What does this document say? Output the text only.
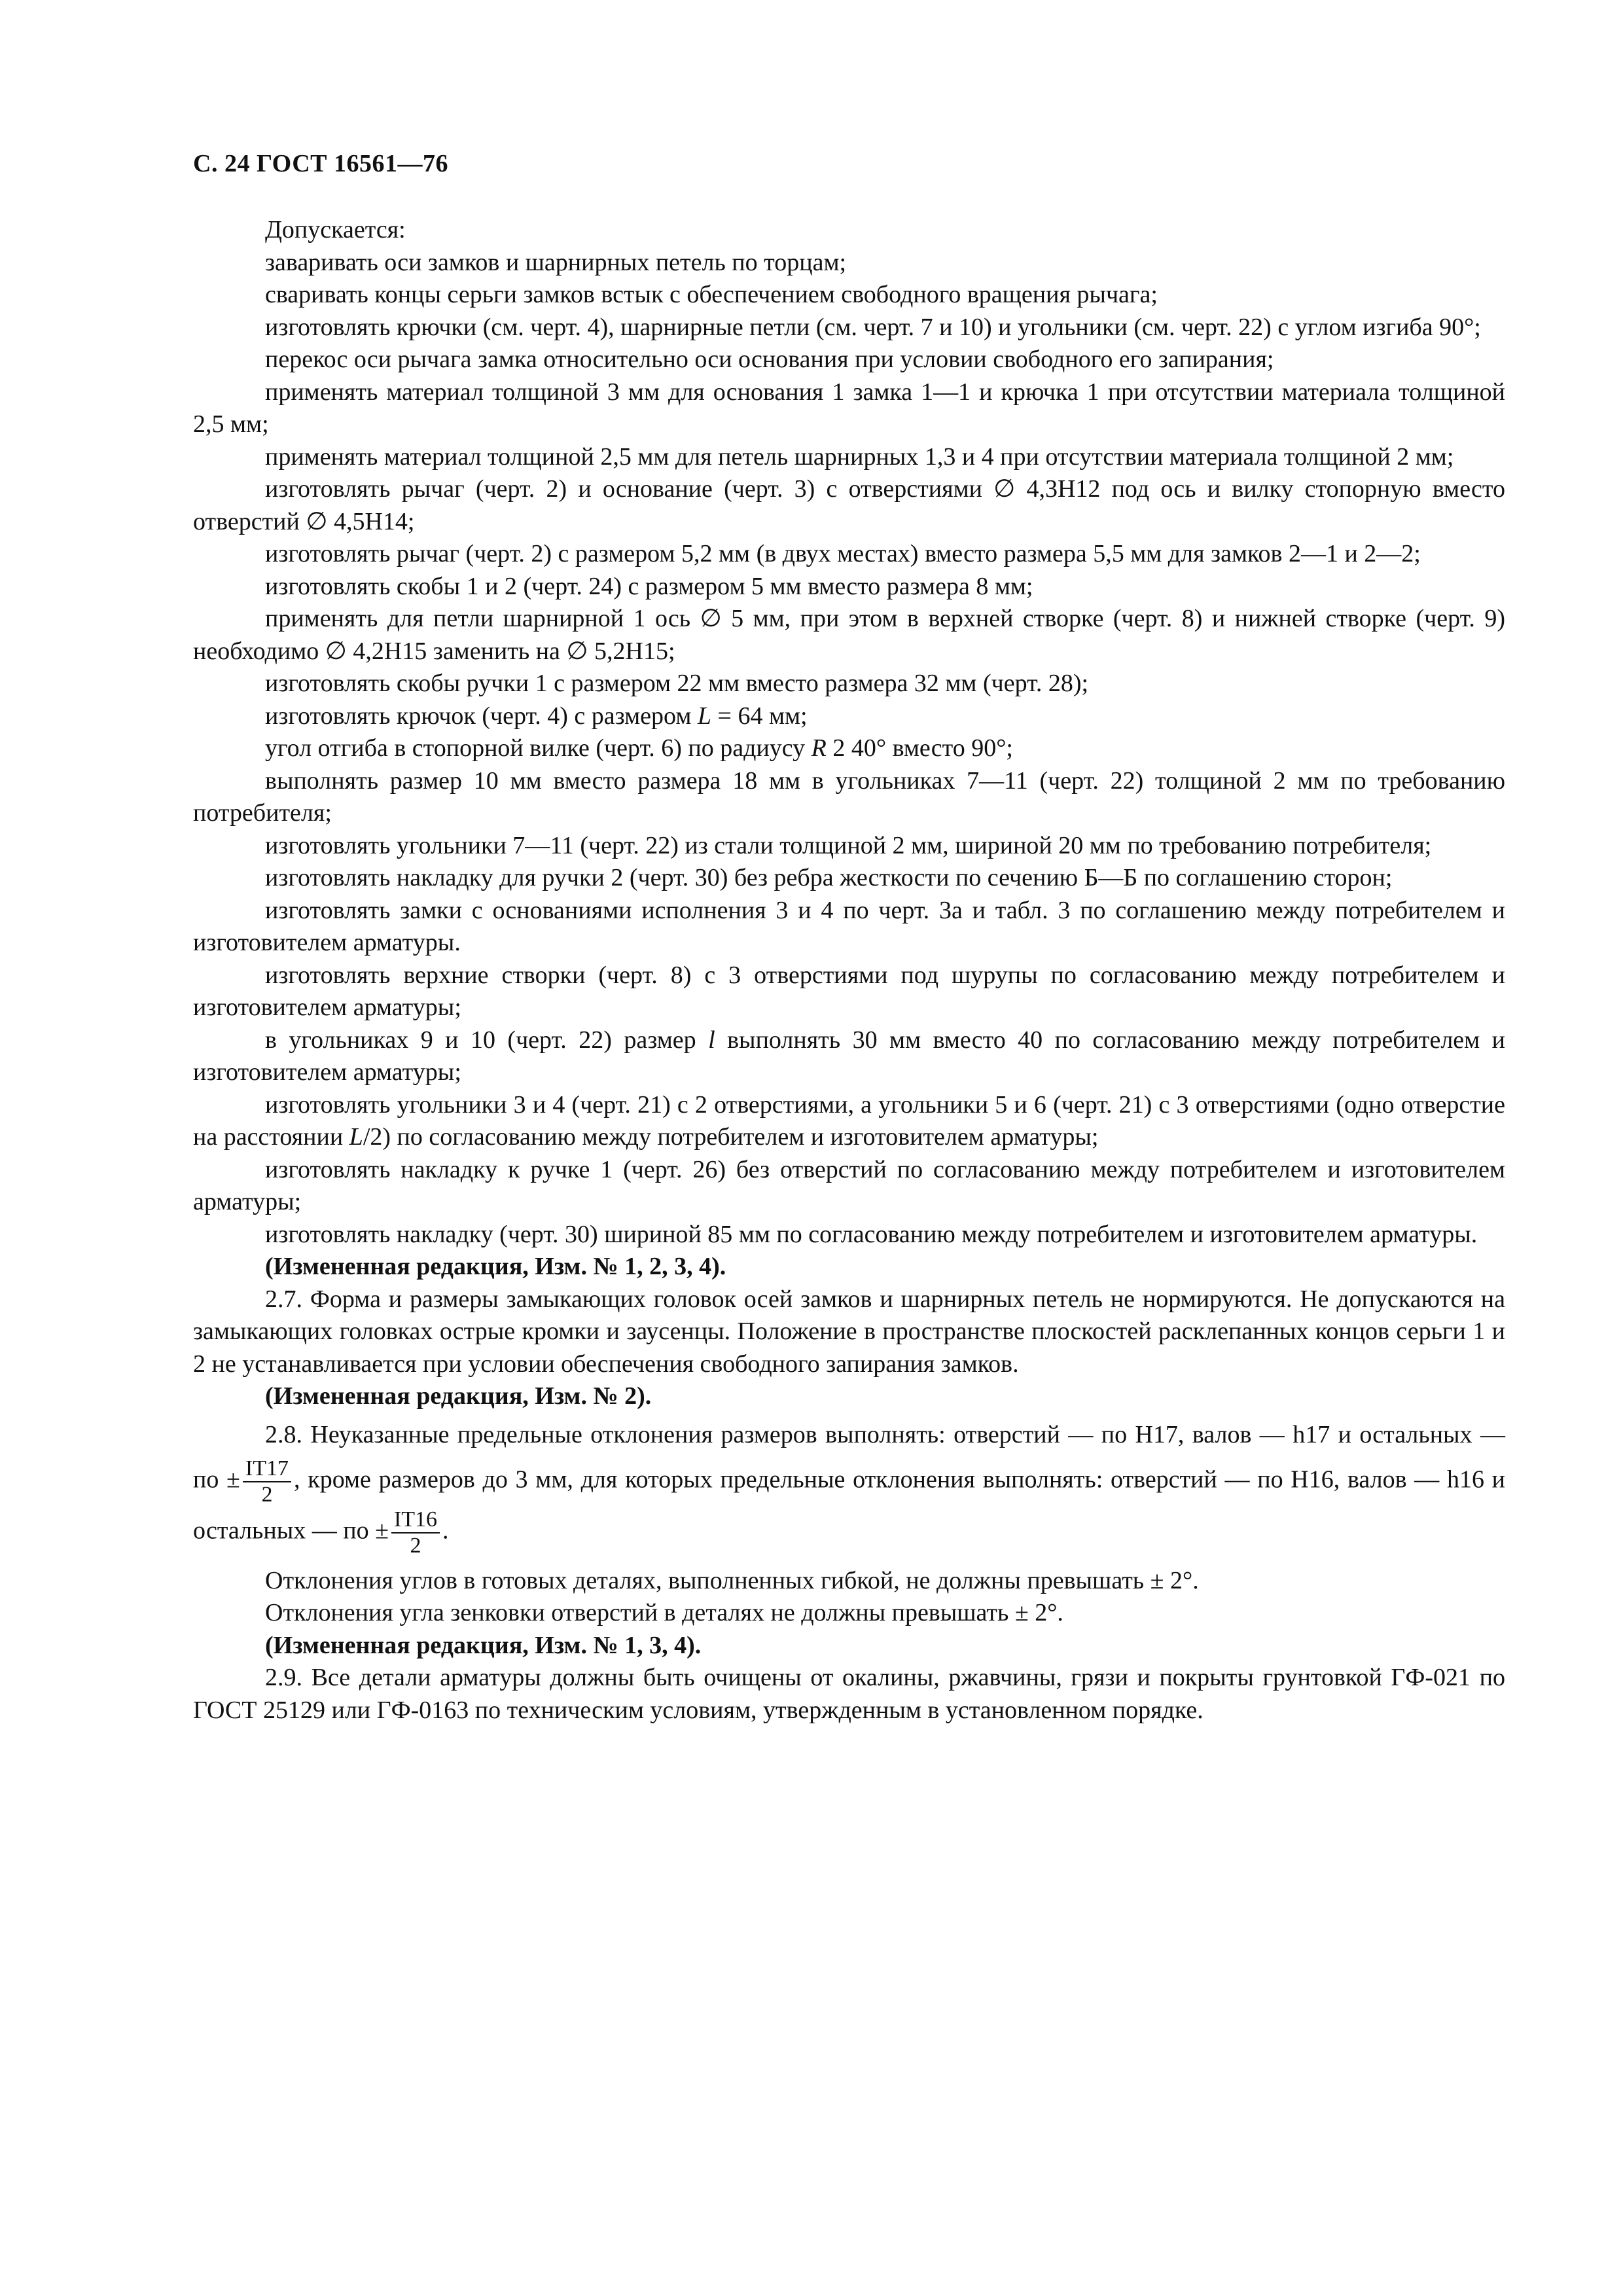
С. 24 ГОСТ 16561—76

Допускается:

заваривать оси замков и шарнирных петель по торцам;

сваривать концы серьги замков встык с обеспечением свободного вращения рычага;

изготовлять крючки (см. черт. 4), шарнирные петли (см. черт. 7 и 10) и угольники (см. черт. 22) с углом изгиба 90°;

перекос оси рычага замка относительно оси основания при условии свободного его запирания;

применять материал толщиной 3 мм для основания 1 замка 1—1 и крючка 1 при отсутствии материала толщиной 2,5 мм;

применять материал толщиной 2,5 мм для петель шарнирных 1,3 и 4 при отсутствии материала толщиной 2 мм;

изготовлять рычаг (черт. 2) и основание (черт. 3) с отверстиями ∅ 4,3H12 под ось и вилку стопорную вместо отверстий ∅ 4,5H14;

изготовлять рычаг (черт. 2) с размером 5,2 мм (в двух местах) вместо размера 5,5 мм для замков 2—1 и 2—2;

изготовлять скобы 1 и 2 (черт. 24) с размером 5 мм вместо размера 8 мм;

применять для петли шарнирной 1 ось ∅ 5 мм, при этом в верхней створке (черт. 8) и нижней створке (черт. 9) необходимо ∅ 4,2H15 заменить на ∅ 5,2H15;

изготовлять скобы ручки 1 с размером 22 мм вместо размера 32 мм (черт. 28);

изготовлять крючок (черт. 4) с размером L = 64 мм;

угол отгиба в стопорной вилке (черт. 6) по радиусу R 2 40° вместо 90°;

выполнять размер 10 мм вместо размера 18 мм в угольниках 7—11 (черт. 22) толщиной 2 мм по требованию потребителя;

изготовлять угольники 7—11 (черт. 22) из стали толщиной 2 мм, шириной 20 мм по требованию потребителя;

изготовлять накладку для ручки 2 (черт. 30) без ребра жесткости по сечению Б—Б по соглашению сторон;

изготовлять замки с основаниями исполнения 3 и 4 по черт. 3а и табл. 3 по соглашению между потребителем и изготовителем арматуры.

изготовлять верхние створки (черт. 8) с 3 отверстиями под шурупы по согласованию между потребителем и изготовителем арматуры;

в угольниках 9 и 10 (черт. 22) размер l выполнять 30 мм вместо 40 по согласованию между потребителем и изготовителем арматуры;

изготовлять угольники 3 и 4 (черт. 21) с 2 отверстиями, а угольники 5 и 6 (черт. 21) с 3 отверстиями (одно отверстие на расстоянии L/2) по согласованию между потребителем и изготовителем арматуры;

изготовлять накладку к ручке 1 (черт. 26) без отверстий по согласованию между потребителем и изготовителем арматуры;

изготовлять накладку (черт. 30) шириной 85 мм по согласованию между потребителем и изготовителем арматуры.

(Измененная редакция, Изм. № 1, 2, 3, 4).

2.7. Форма и размеры замыкающих головок осей замков и шарнирных петель не нормируются. Не допускаются на замыкающих головках острые кромки и заусенцы. Положение в пространстве плоскостей расклепанных концов серьги 1 и 2 не устанавливается при условии обеспечения свободного запирания замков.

(Измененная редакция, Изм. № 2).

2.8. Неуказанные предельные отклонения размеров выполнять: отверстий — по H17, валов — h17 и остальных — по ± $\frac{IT17}{2}$ , кроме размеров до 3 мм, для которых предельные отклонения выполнять: отверстий — по H16, валов — h16 и остальных — по ± $\frac{IT16}{2}$ .

Отклонения углов в готовых деталях, выполненных гибкой, не должны превышать ± 2°.

Отклонения угла зенковки отверстий в деталях не должны превышать ± 2°.

(Измененная редакция, Изм. № 1, 3, 4).

2.9. Все детали арматуры должны быть очищены от окалины, ржавчины, грязи и покрыты грунтовкой ГФ-021 по ГОСТ 25129 или ГФ-0163 по техническим условиям, утвержденным в установленном порядке.
